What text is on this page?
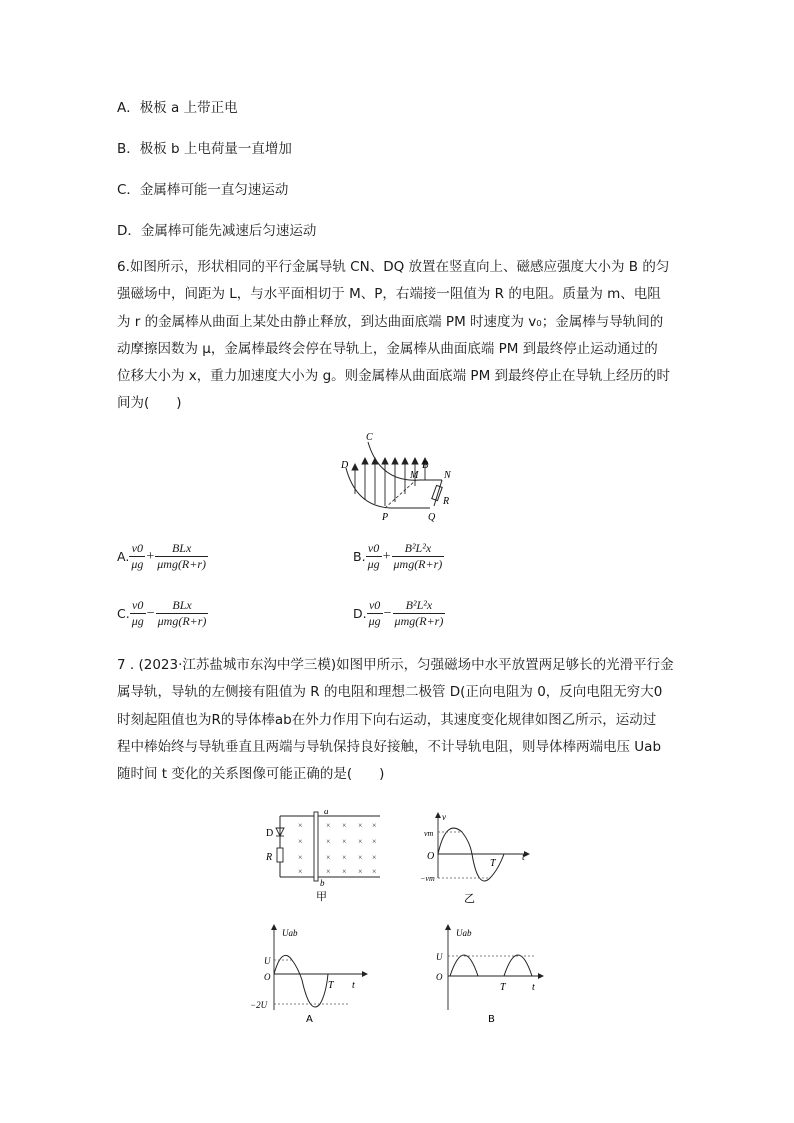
A．极板 a 上带正电
B．极板 b 上电荷量一直增加
C．金属棒可能一直匀速运动
D．金属棒可能先减速后匀速运动
6.如图所示，形状相同的平行金属导轨 CN、DQ 放置在竖直向上、磁感应强度大小为 B 的匀
强磁场中，间距为 L，与水平面相切于 M、P，右端接一阻值为 R 的电阻。质量为 m、电阻
为 r 的金属棒从曲面上某处由静止释放，到达曲面底端 PM 时速度为 v₀；金属棒与导轨间的
动摩擦因数为 μ，金属棒最终会停在导轨上，金属棒从曲面底端 PM 到最终停止运动通过的
位移大小为 x，重力加速度大小为 g。则金属棒从曲面底端 PM 到最终停止在导轨上经历的时
间为(　　)
C
D
M
B
N
P	Q
R
A. $\frac{v0}{\mu g}$ +
BLx
μmg(R+r)	B. $\frac{v0}{\mu g}$ +
B²L²x
μmg(R+r)
C. $\frac{v0}{\mu g}$ −
BLx
μmg(R+r)	D. $\frac{v0}{\mu g}$ −
B²L²x
μmg(R+r)
7 . (2023·江苏盐城市东沟中学三模)如图甲所示，匀强磁场中水平放置两足够长的光滑平行金
属导轨，导轨的左侧接有阻值为 R 的电阻和理想二极管 D(正向电阻为 0，反向电阻无穷大0
时刻起阻值也为R的导体棒ab在外力作用下向右运动，其速度变化规律如图乙所示，运动过
程中棒始终与导轨垂直且两端与导轨保持良好接触，不计导轨电阻，则导体棒两端电压 Uab
随时间 t 变化的关系图像可能正确的是(　　)
×
×
×
×
×
×
×
×
×
×
×
×
×
×
×
×
×
×
×
×
D
R
a
b
甲
v
vm
−vm
O
T
t
乙
Uab
U
O
−2U
T t
A
Uab
U
O
T	t
B
